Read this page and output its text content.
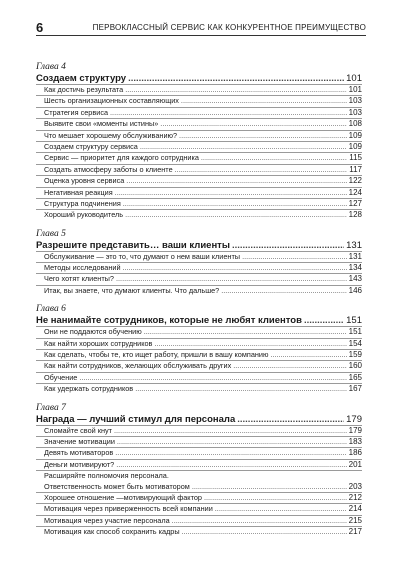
6	ПЕРВОКЛАССНЫЙ СЕРВИС КАК КОНКУРЕНТНОЕ ПРЕИМУЩЕСТВО
Глава 4
Создаем структуру .....	101
Как достичь результата .....	101
Шесть организационных составляющих .....	103
Стратегия сервиса .....	103
Выявите свои «моменты истины» .....	108
Что мешает хорошему обслуживанию? .....	109
Создаем структуру сервиса .....	109
Сервис — приоритет для каждого сотрудника .....	115
Создать атмосферу заботы о клиенте .....	117
Оценка уровня сервиса .....	122
Негативная реакция .....	124
Структура подчинения .....	127
Хороший руководитель .....	128
Глава 5
Разрешите представить… ваши клиенты .....	131
Обслуживание — это то, что думают о нем ваши клиенты .....	131
Методы исследований .....	134
Чего хотят клиенты? .....	143
Итак, вы знаете, что думают клиенты. Что дальше? .....	146
Глава 6
Не нанимайте сотрудников, которые не любят клиентов .....	151
Они не поддаются обучению .....	151
Как найти хороших сотрудников .....	154
Как сделать, чтобы те, кто ищет работу, пришли в вашу компанию .....	159
Как найти сотрудников, желающих обслуживать других .....	160
Обучение .....	165
Как удержать сотрудников .....	167
Глава 7
Награда — лучший стимул для персонала .....	179
Сломайте свой кнут .....	179
Значение мотивации .....	183
Девять мотиваторов .....	186
Деньги мотивируют? .....	201
Расширяйте полномочия персонала.
Ответственность может быть мотиватором .....	203
Хорошее отношение —мотивирующий фактор .....	212
Мотивация через приверженность всей компании .....	214
Мотивация через участие персонала .....	215
Мотивация как способ сохранить кадры .....	217
